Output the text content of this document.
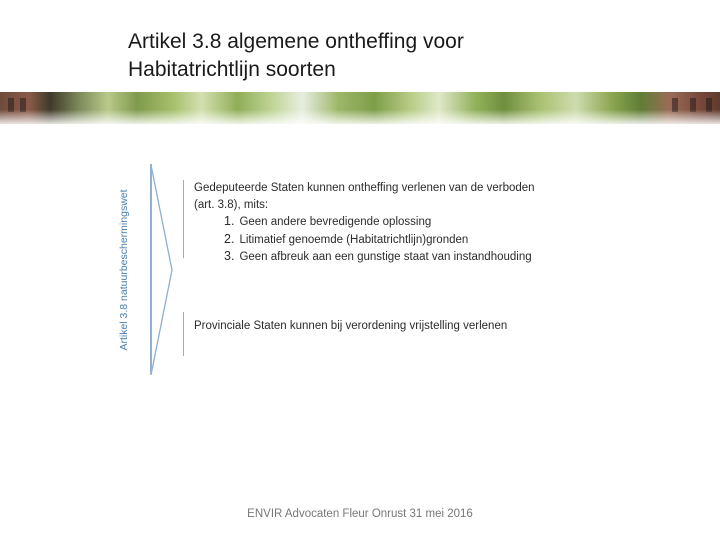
Artikel 3.8 algemene ontheffing voor
Habitatrichtlijn soorten
Artikel 3.8 natuurbeschermingswet
Gedeputeerde Staten kunnen ontheffing verlenen van de verboden
(art. 3.8), mits:
1. Geen andere bevredigende oplossing
2. Litimatief genoemde (Habitatrichtlijn)gronden
3. Geen afbreuk aan een gunstige staat van instandhouding
Provinciale Staten kunnen bij verordening vrijstelling verlenen
ENVIR Advocaten Fleur Onrust 31 mei 2016
